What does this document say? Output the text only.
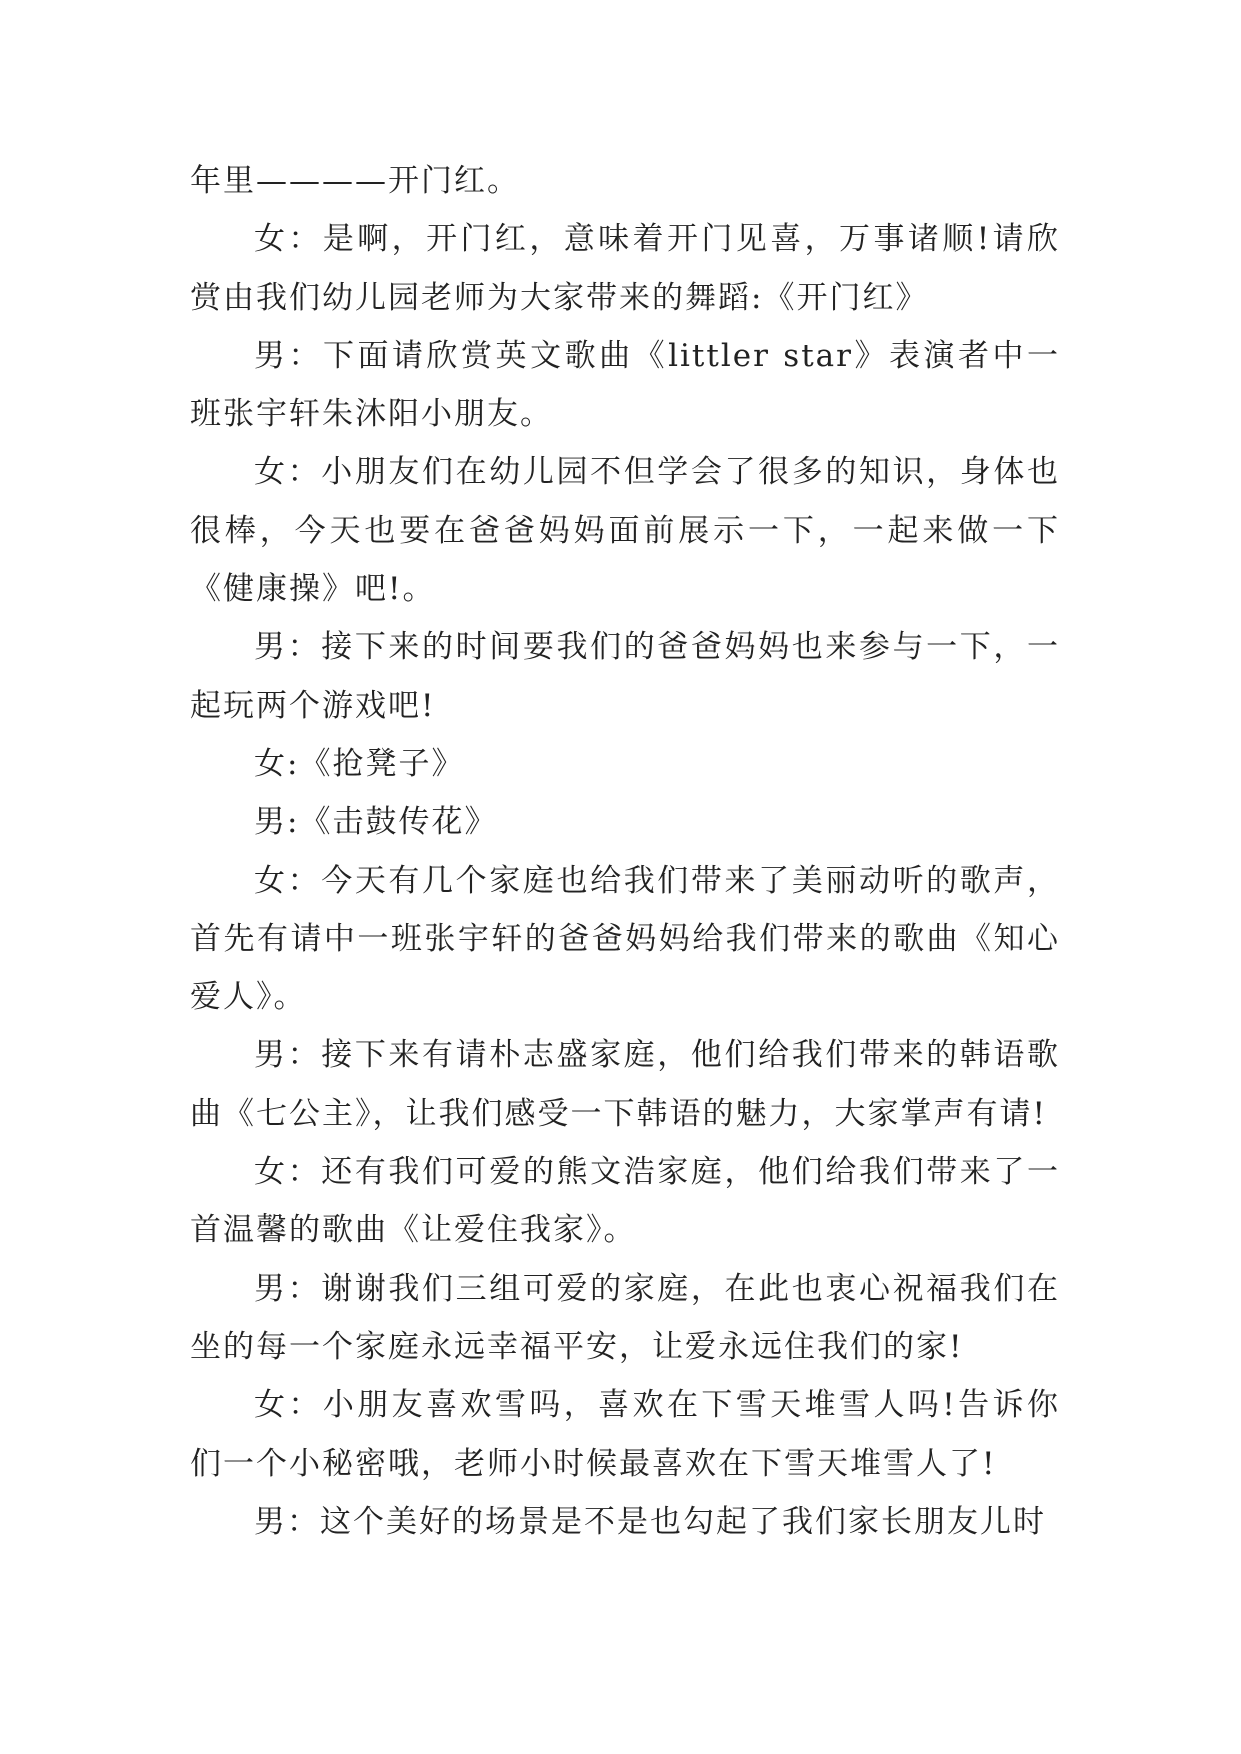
年里————开门红。

女：是啊，开门红，意味着开门见喜，万事诸顺!请欣赏由我们幼儿园老师为大家带来的舞蹈:《开门红》

男：下面请欣赏英文歌曲《littler star》表演者中一班张宇轩朱沐阳小朋友。

女：小朋友们在幼儿园不但学会了很多的知识，身体也很棒，今天也要在爸爸妈妈面前展示一下，一起来做一下《健康操》吧!。

男：接下来的时间要我们的爸爸妈妈也来参与一下，一起玩两个游戏吧!

女:《抢凳子》

男:《击鼓传花》

女：今天有几个家庭也给我们带来了美丽动听的歌声，首先有请中一班张宇轩的爸爸妈妈给我们带来的歌曲《知心爱人》。

男：接下来有请朴志盛家庭，他们给我们带来的韩语歌曲《七公主》，让我们感受一下韩语的魅力，大家掌声有请!

女：还有我们可爱的熊文浩家庭，他们给我们带来了一首温馨的歌曲《让爱住我家》。

男：谢谢我们三组可爱的家庭，在此也衷心祝福我们在坐的每一个家庭永远幸福平安，让爱永远住我们的家!

女：小朋友喜欢雪吗，喜欢在下雪天堆雪人吗!告诉你们一个小秘密哦，老师小时候最喜欢在下雪天堆雪人了!

男：这个美好的场景是不是也勾起了我们家长朋友儿时
